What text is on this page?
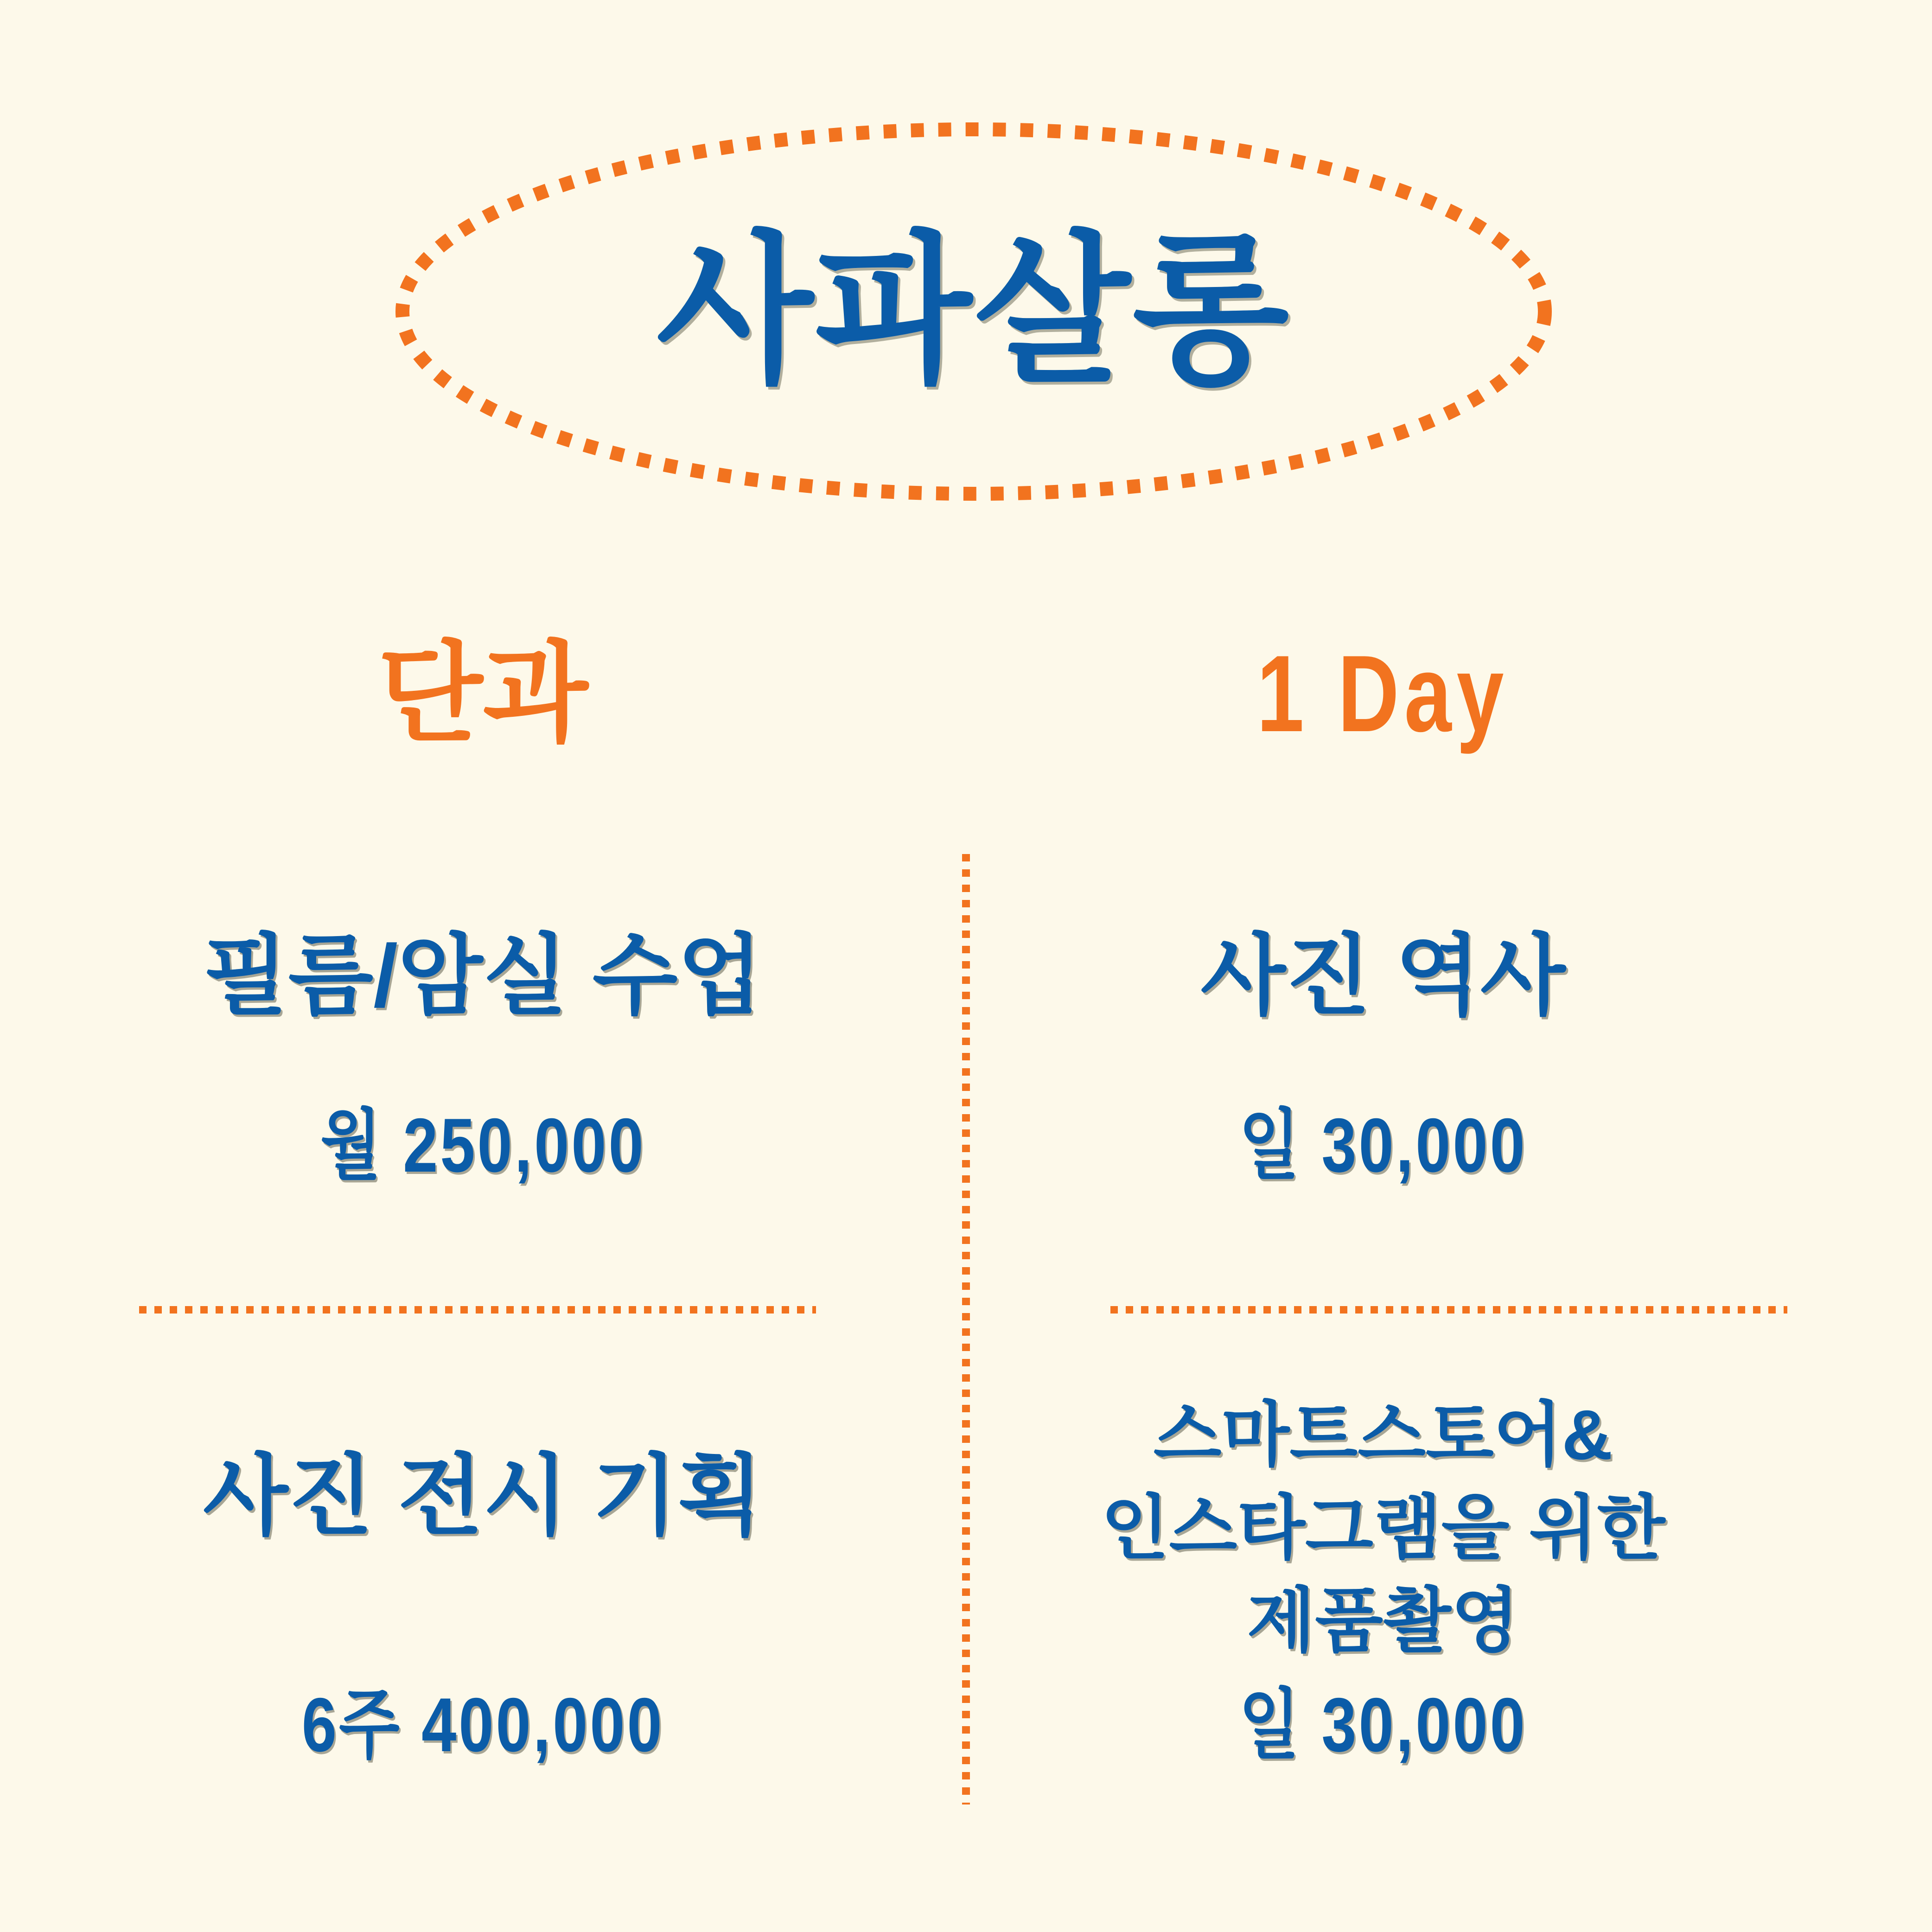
사파살롱
단과	1 Day
필름/암실 수업
월 250,000
사진 전시 기획
6주 400,000
사진 역사
일 30,000
스마트스토어&
인스타그램을 위한
제품촬영
일 30,000
